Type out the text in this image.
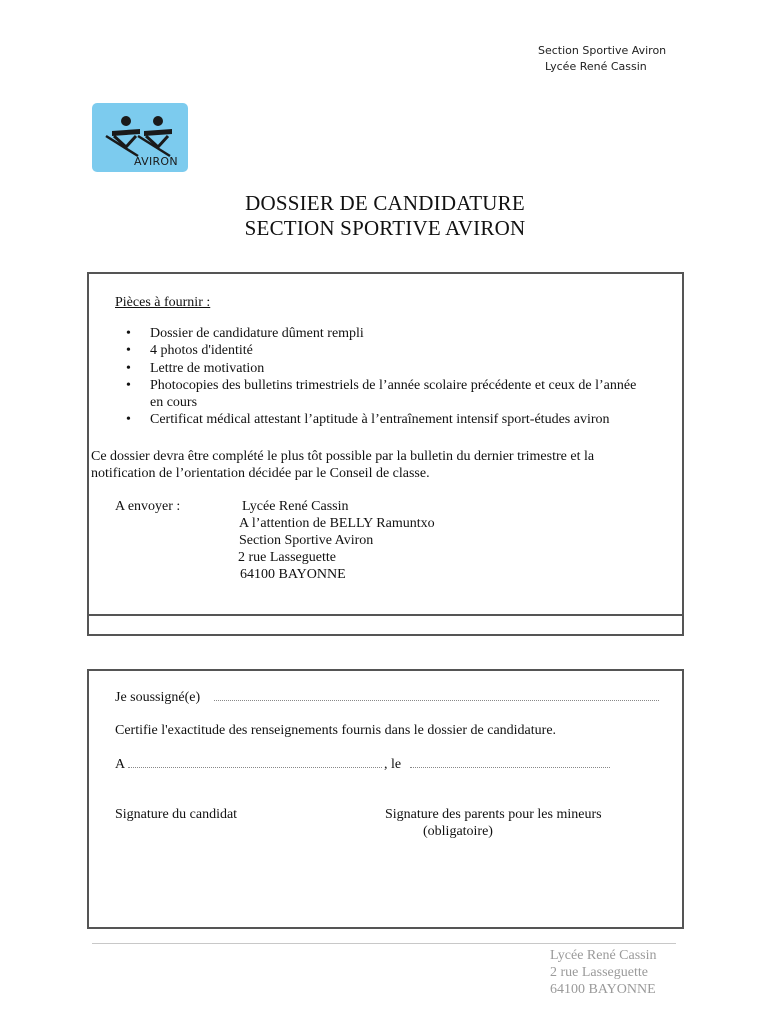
Section Sportive Aviron
Lycée René Cassin
AVIRON
DOSSIER DE CANDIDATURE
SECTION SPORTIVE AVIRON
Pièces à fournir :
• Dossier de candidature dûment rempli
• 4 photos d'identité
• Lettre de motivation
• Photocopies des bulletins trimestriels de l’année scolaire précédente et ceux de l’année en cours
• Certificat médical attestant l’aptitude à l’entraînement intensif sport-études aviron
Ce dossier devra être complété le plus tôt possible par la bulletin du dernier trimestre et la
notification de l’orientation décidée par le Conseil de classe.
A envoyer :	Lycée René Cassin
A l’attention de BELLY Ramuntxo
Section Sportive Aviron
2 rue Lasseguette
64100 BAYONNE
Je soussigné(e)
Certifie l'exactitude des renseignements fournis dans le dossier de candidature.
A	, le
Signature du candidat	Signature des parents pour les mineurs
(obligatoire)
Lycée René Cassin
2 rue Lasseguette
64100 BAYONNE
